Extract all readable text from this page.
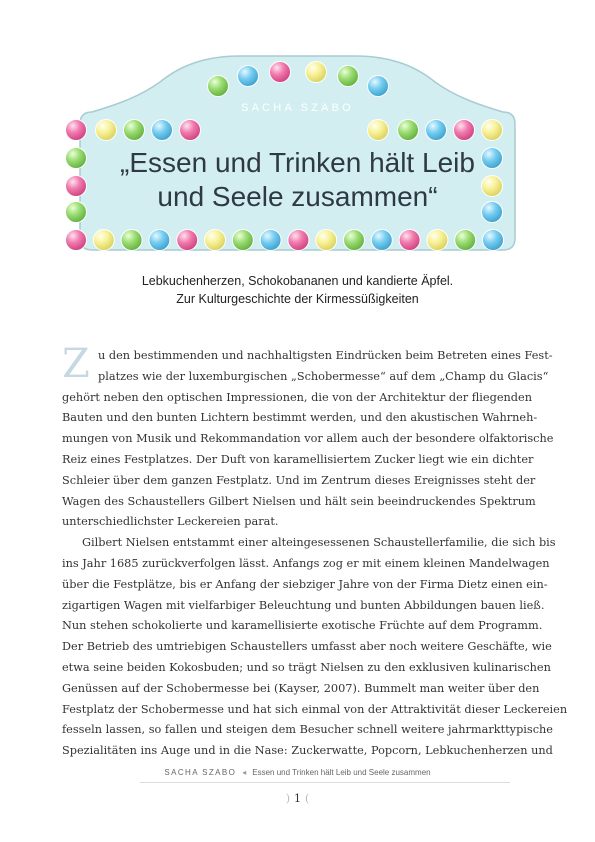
SACHA SZABO
„Essen und Trinken hält Leib
und Seele zusammen“
Lebkuchenherzen, Schokobananen und kandierte Äpfel.
Zur Kulturgeschichte der Kirmessüßigkeiten
Z u den bestimmenden und nachhaltigsten Eindrücken beim Betreten eines Fest-
platzes wie der luxemburgischen „Schobermesse“ auf dem „Champ du Glacis“
gehört neben den optischen Impressionen, die von der Architektur der fliegenden
Bauten und den bunten Lichtern bestimmt werden, und den akustischen Wahrneh-
mungen von Musik und Rekommandation vor allem auch der besondere olfaktorische
Reiz eines Festplatzes. Der Duft von karamellisiertem Zucker liegt wie ein dichter
Schleier über dem ganzen Festplatz. Und im Zentrum dieses Ereignisses steht der
Wagen des Schaustellers Gilbert Nielsen und hält sein beeindruckendes Spektrum
unterschiedlichster Leckereien parat.
Gilbert Nielsen entstammt einer alteingesessenen Schaustellerfamilie, die sich bis
ins Jahr 1685 zurückverfolgen lässt. Anfangs zog er mit einem kleinen Mandelwagen
über die Festplätze, bis er Anfang der siebziger Jahre von der Firma Dietz einen ein-
zigartigen Wagen mit vielfarbiger Beleuchtung und bunten Abbildungen bauen ließ.
Nun stehen schokolierte und karamellisierte exotische Früchte auf dem Programm.
Der Betrieb des umtriebigen Schaustellers umfasst aber noch weitere Geschäfte, wie
etwa seine beiden Kokosbuden; und so trägt Nielsen zu den exklusiven kulinarischen
Genüssen auf der Schobermesse bei (Kayser, 2007). Bummelt man weiter über den
Festplatz der Schobermesse und hat sich einmal von der Attraktivität dieser Leckereien
fesseln lassen, so fallen und steigen dem Besucher schnell weitere jahrmarkttypische
Spezialitäten ins Auge und in die Nase: Zuckerwatte, Popcorn, Lebkuchenherzen und
SACHA SZABO ◂ Essen und Trinken hält Leib und Seele zusammen
) 1 (
